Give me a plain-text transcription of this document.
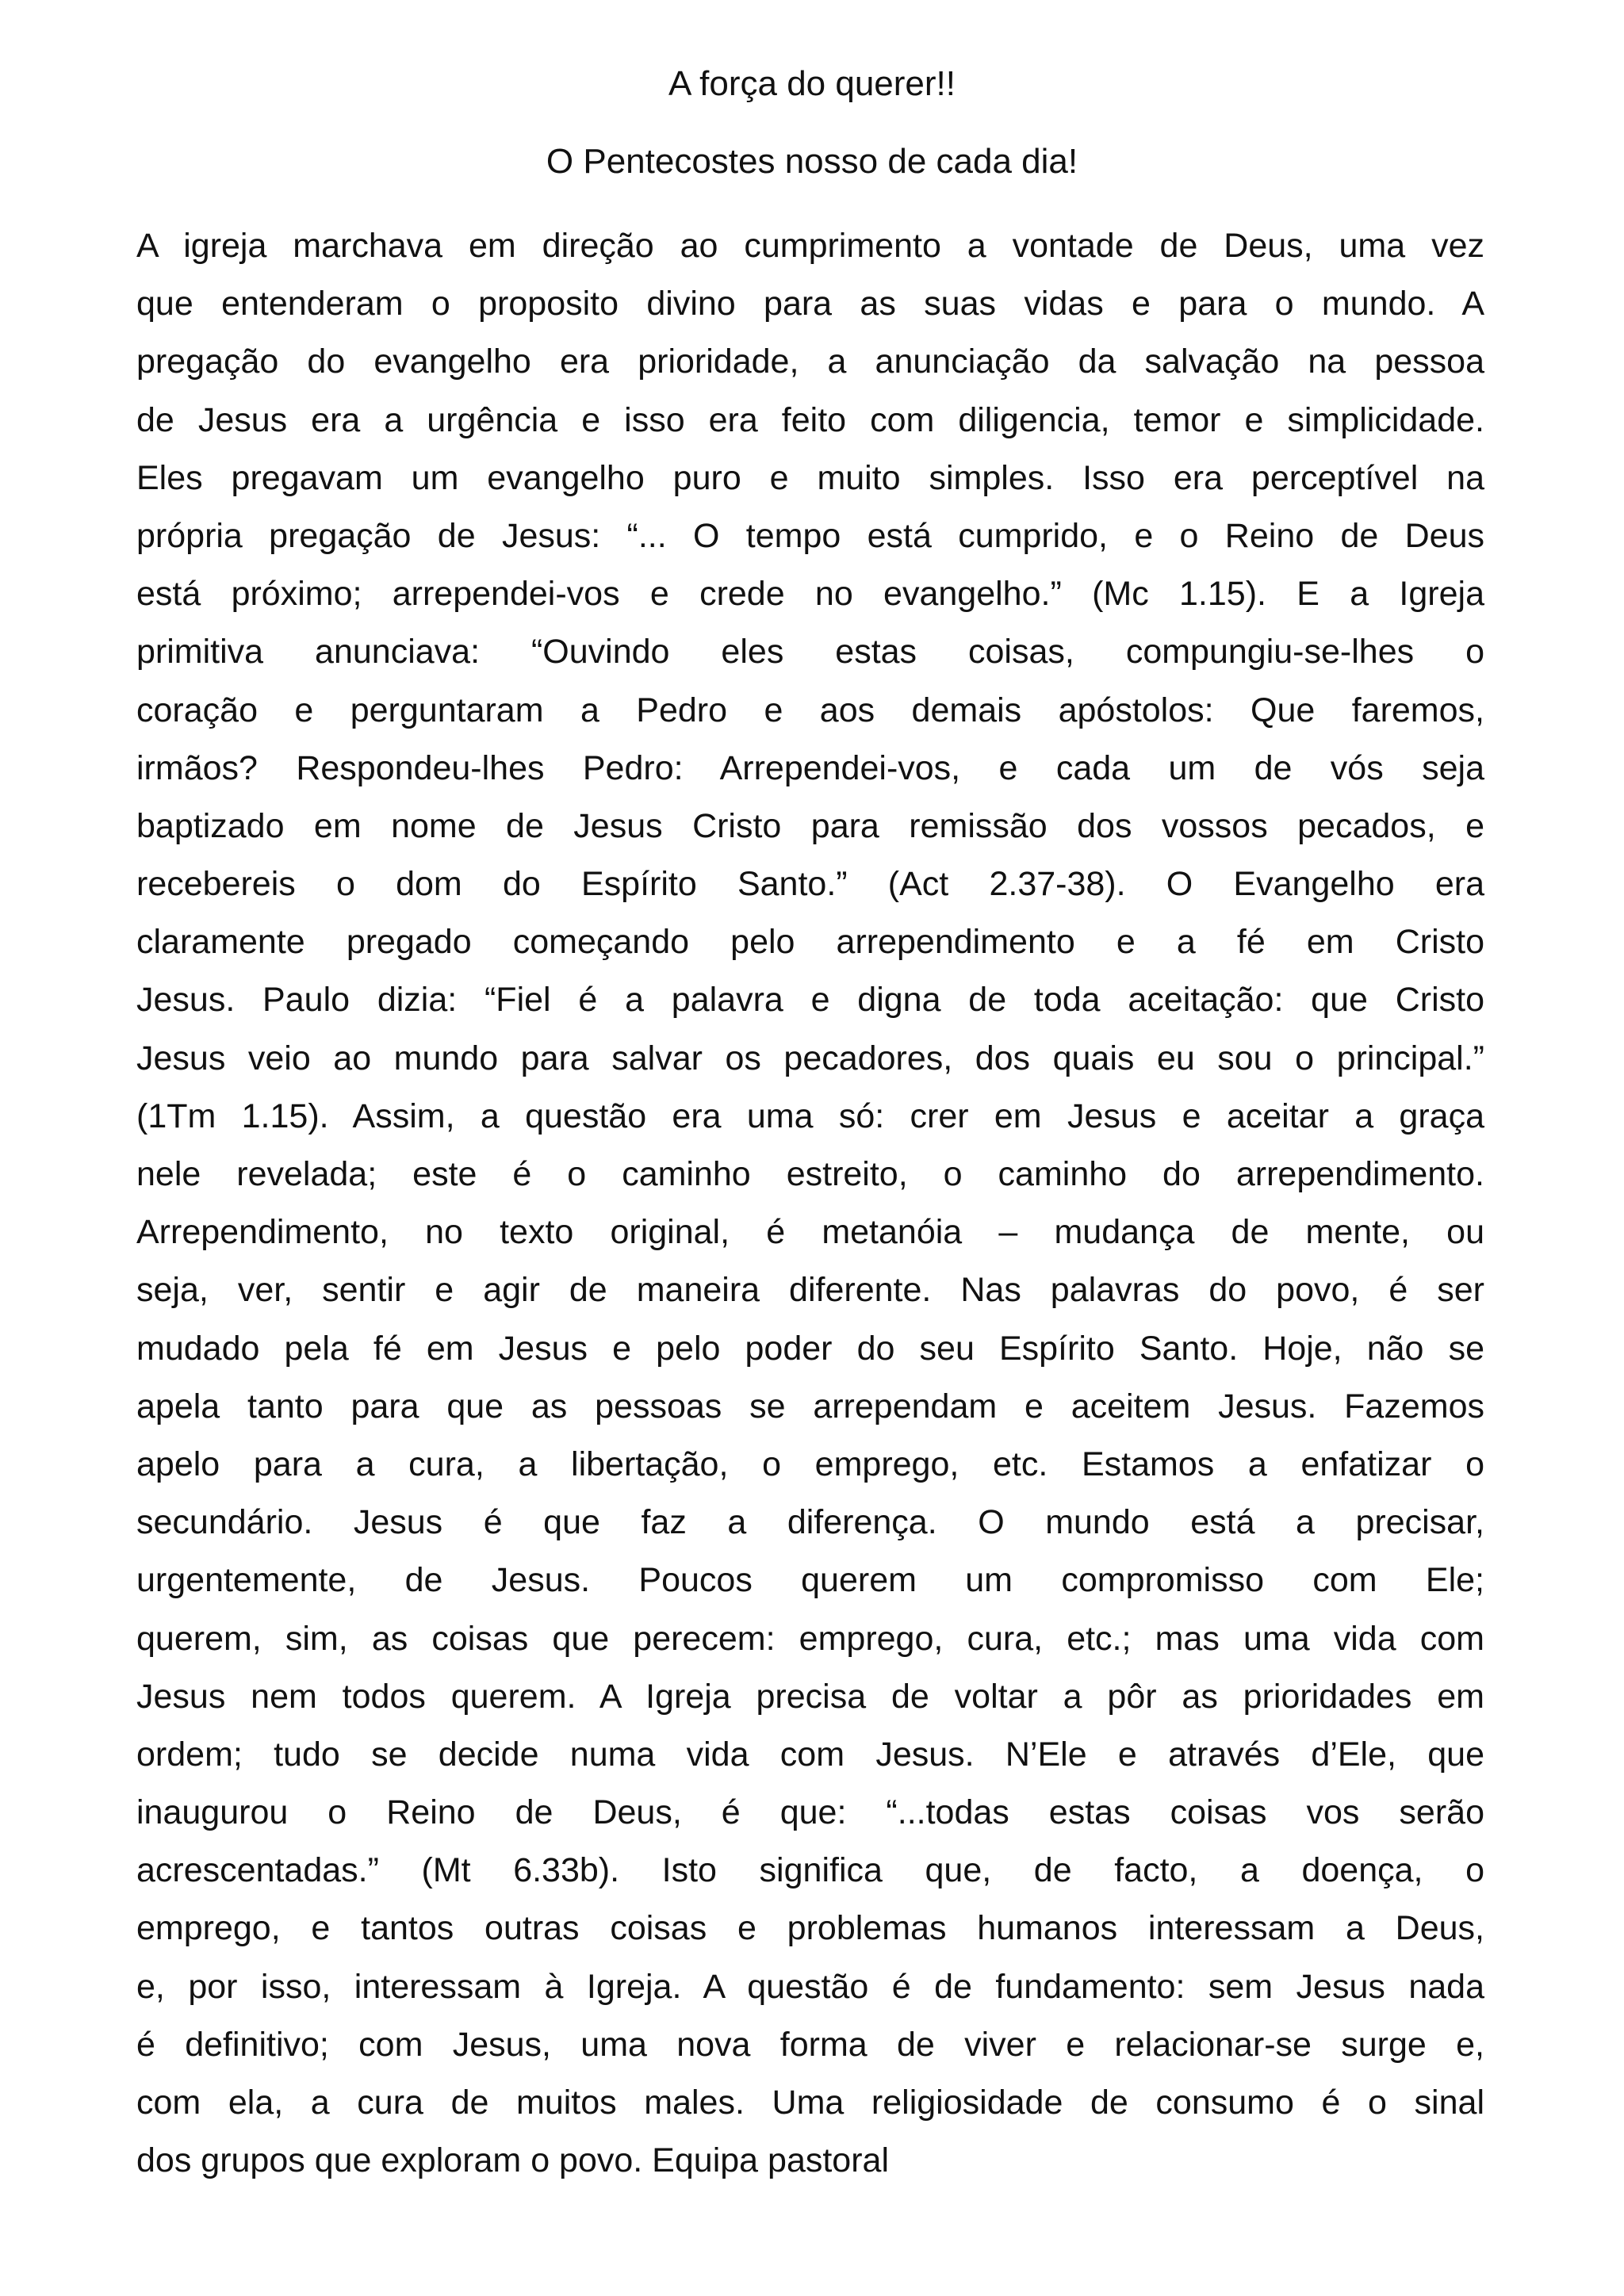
A força do querer!!
O Pentecostes nosso de cada dia!
A igreja marchava em direção ao cumprimento a vontade de Deus, uma vez
que entenderam o proposito divino para as suas vidas e para o mundo. A
pregação do evangelho era prioridade, a anunciação da salvação na pessoa
de Jesus era a urgência e isso era feito com diligencia, temor e simplicidade.
Eles pregavam um evangelho puro e muito simples. Isso era perceptível na
própria pregação de Jesus: “... O tempo está cumprido, e o Reino de Deus
está próximo; arrependei-vos e crede no evangelho.” (Mc 1.15). E a Igreja
primitiva anunciava: “Ouvindo eles estas coisas, compungiu-se-lhes o
coração e perguntaram a Pedro e aos demais apóstolos: Que faremos,
irmãos? Respondeu-lhes Pedro: Arrependei-vos, e cada um de vós seja
baptizado em nome de Jesus Cristo para remissão dos vossos pecados, e
recebereis o dom do Espírito Santo.” (Act 2.37-38). O Evangelho era
claramente pregado começando pelo arrependimento e a fé em Cristo
Jesus. Paulo dizia: “Fiel é a palavra e digna de toda aceitação: que Cristo
Jesus veio ao mundo para salvar os pecadores, dos quais eu sou o principal.”
(1Tm 1.15). Assim, a questão era uma só: crer em Jesus e aceitar a graça
nele revelada; este é o caminho estreito, o caminho do arrependimento.
Arrependimento, no texto original, é metanóia – mudança de mente, ou
seja, ver, sentir e agir de maneira diferente. Nas palavras do povo, é ser
mudado pela fé em Jesus e pelo poder do seu Espírito Santo. Hoje, não se
apela tanto para que as pessoas se arrependam e aceitem Jesus. Fazemos
apelo para a cura, a libertação, o emprego, etc. Estamos a enfatizar o
secundário. Jesus é que faz a diferença. O mundo está a precisar,
urgentemente, de Jesus. Poucos querem um compromisso com Ele;
querem, sim, as coisas que perecem: emprego, cura, etc.; mas uma vida com
Jesus nem todos querem. A Igreja precisa de voltar a pôr as prioridades em
ordem; tudo se decide numa vida com Jesus. N’Ele e através d’Ele, que
inaugurou o Reino de Deus, é que: “...todas estas coisas vos serão
acrescentadas.” (Mt 6.33b). Isto significa que, de facto, a doença, o
emprego, e tantos outras coisas e problemas humanos interessam a Deus,
e, por isso, interessam à Igreja. A questão é de fundamento: sem Jesus nada
é definitivo; com Jesus, uma nova forma de viver e relacionar-se surge e,
com ela, a cura de muitos males. Uma religiosidade de consumo é o sinal
dos grupos que exploram o povo. Equipa pastoral
